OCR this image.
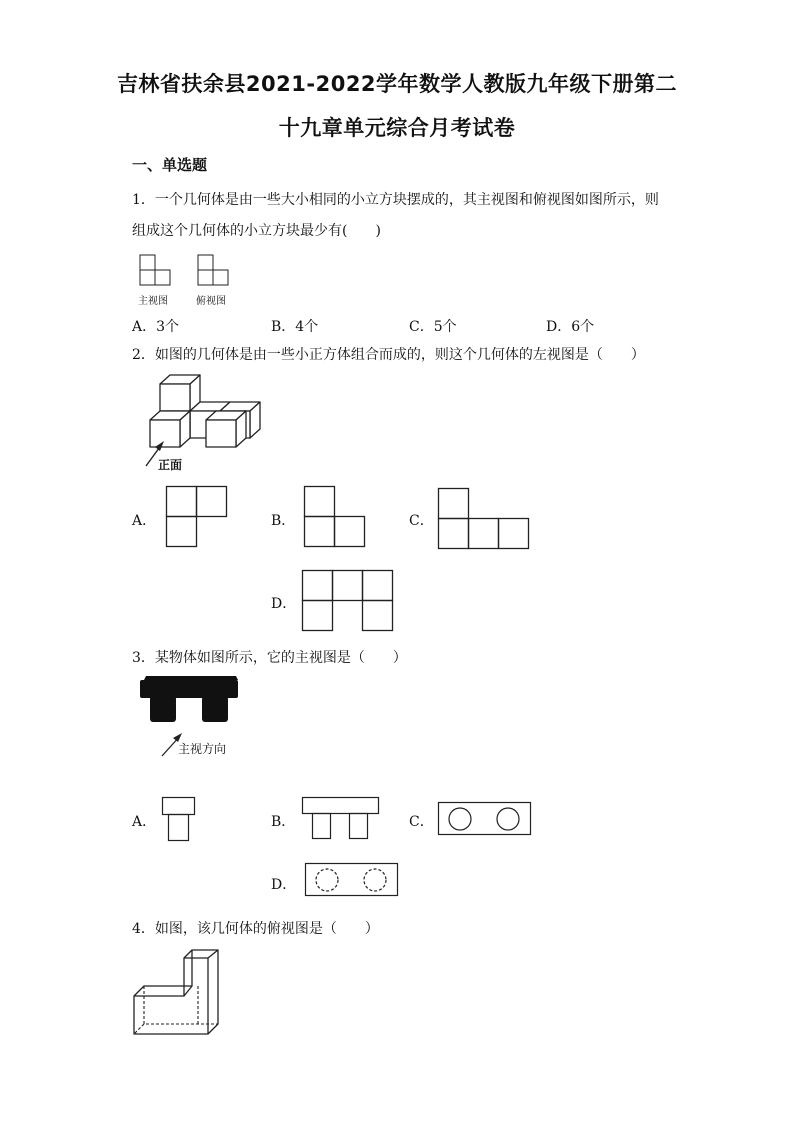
吉林省扶余县2021-2022学年数学人教版九年级下册第二
十九章单元综合月考试卷
一、单选题
1．一个几何体是由一些大小相同的小立方块摆成的，其主视图和俯视图如图所示，则
组成这个几何体的小立方块最少有(　　)
主视图	俯视图
A．3个	B．4个	C．5个	D．6个
2．如图的几何体是由一些小正方体组合而成的，则这个几何体的左视图是（　　）
正面
A．	B．	C．
D．
3．某物体如图所示，它的主视图是（　　）
主视方向
A．	B．	C．
D．
4．如图，该几何体的俯视图是（　　）
